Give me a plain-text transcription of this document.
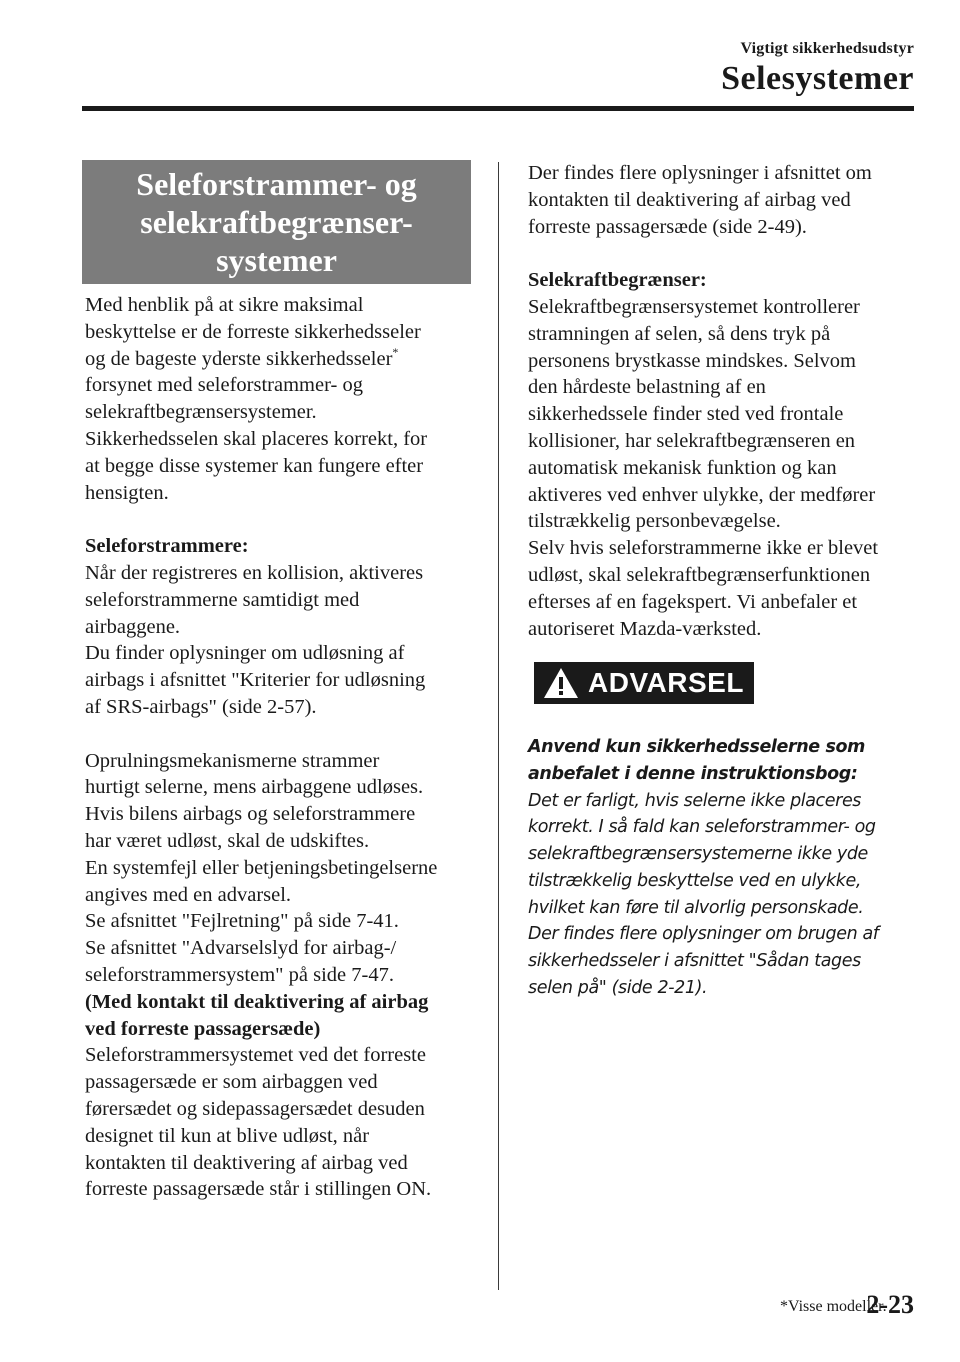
Vigtigt sikkerhedsudstyr
Selesystemer
Seleforstrammer- og
selekraftbegrænser-
systemer

Med henblik på at sikre maksimal

beskyttelse er de forreste sikkerhedsseler

og de bageste yderste sikkerhedsseler*

forsynet med seleforstrammer- og

selekraftbegrænsersystemer.

Sikkerhedsselen skal placeres korrekt, for

at begge disse systemer kan fungere efter

hensigten.

Seleforstrammere:

Når der registreres en kollision, aktiveres

seleforstrammerne samtidigt med

airbaggene.

Du finder oplysninger om udløsning af

airbags i afsnittet "Kriterier for udløsning

af SRS-airbags" (side 2-57).

Oprulningsmekanismerne strammer

hurtigt selerne, mens airbaggene udløses.

Hvis bilens airbags og seleforstrammere

har været udløst, skal de udskiftes.

En systemfejl eller betjeningsbetingelserne

angives med en advarsel.

Se afsnittet "Fejlretning" på side 7-41.

Se afsnittet "Advarselslyd for airbag-/

seleforstrammersystem" på side 7-47.

(Med kontakt til deaktivering af airbag

ved forreste passagersæde)

Seleforstrammersystemet ved det forreste

passagersæde er som airbaggen ved

førersædet og sidepassagersædet desuden

designet til kun at blive udløst, når

kontakten til deaktivering af airbag ved

forreste passagersæde står i stillingen ON.

Der findes flere oplysninger i afsnittet om

kontakten til deaktivering af airbag ved

forreste passagersæde (side 2-49).

Selekraftbegrænser:

Selekraftbegrænsersystemet kontrollerer

stramningen af selen, så dens tryk på

personens brystkasse mindskes. Selvom

den hårdeste belastning af en

sikkerhedssele finder sted ved frontale

kollisioner, har selekraftbegrænseren en

automatisk mekanisk funktion og kan

aktiveres ved enhver ulykke, der medfører

tilstrækkelig personbevægelse.

Selv hvis seleforstrammerne ikke er blevet

udløst, skal selekraftbegrænserfunktionen

efterses af en fagekspert. Vi anbefaler et

autoriseret Mazda-værksted.

ADVARSEL

Anvend kun sikkerhedsselerne som

anbefalet i denne instruktionsbog:

Det er farligt, hvis selerne ikke placeres

korrekt. I så fald kan seleforstrammer- og

selekraftbegrænsersystemerne ikke yde

tilstrækkelig beskyttelse ved en ulykke,

hvilket kan føre til alvorlig personskade.

Der findes flere oplysninger om brugen af

sikkerhedsseler i afsnittet "Sådan tages

selen på" (side 2-21).

*Visse modeller.
2-23
